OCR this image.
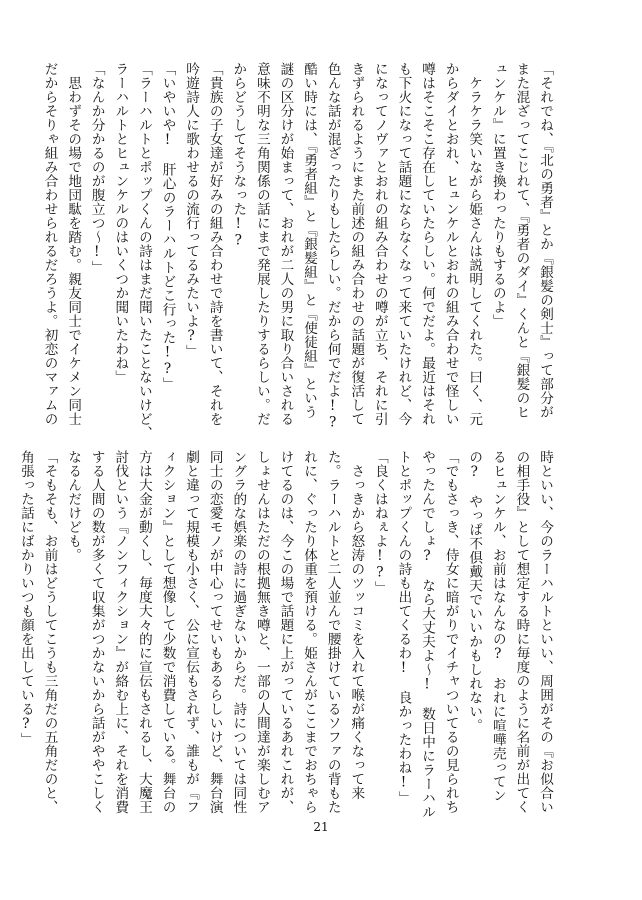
「それでね、『北の勇者』とか『銀髪の剣士』って部分が
また混ざってこじれて、『勇者のダイ』くんと『銀髪のヒ
ュンケル』に置き換わったりもするのよ」
　ケラケラ笑いながら姫さんは説明してくれた。曰く、元
からダイとおれ、ヒュンケルとおれの組み合わせで怪しい
噂はそこそこ存在していたらしい。何でだよ。最近はそれ
も下火になって話題にならなくなって来ていたけれど、今
になってノヴァとおれの組み合わせの噂が立ち、それに引
きずられるようにまた前述の組み合わせの話題が復活して
色んな話が混ざったりもしたらしい。だから何でだよ!?
酷い時には、『勇者組』と『銀髪組』と『使徒組』という
謎の区分けが始まって、おれが二人の男に取り合いされる
意味不明な三角関係の話にまで発展したりするらしい。だ
からどうしてそうなった!?
「貴族の子女達が好みの組み合わせで詩を書いて、それを
吟遊詩人に歌わせるの流行ってるみたいよ?」
「いやいや!　肝心のラーハルトどこ行った!?」
「ラーハルトとポップくんの詩はまだ聞いたことないけど、
ラーハルトとヒュンケルのはいくつか聞いたわね」
「なんか分かるのが腹立つ～!」
　思わずその場で地団駄を踏む。親友同士でイケメン同士
だからそりゃ組み合わせられるだろうよ。初恋のマァムの
時といい、今のラーハルトといい、周囲がその『お似合い
の相手役』として想定する時に毎度のように名前が出てく
るヒュンケル、お前はなんなの?　おれに喧嘩売ってン
の?　やっぱ不倶戴天でいいかもしれない。
「でもさっき、侍女に暗がりでイチャついてるの見られち
やったんでしょ?　なら大丈夫よ～!　数日中にラーハル
トとポップくんの詩も出てくるわ!　良かったわね!」
「良くはねぇよ!?」
　さっきから怒涛のツッコミを入れて喉が痛くなって来
た。ラーハルトと二人並んで腰掛けているソファの背もた
れに、ぐったり体重を預ける。姫さんがここまでおちゃら
けてるのは、今この場で話題に上がっているあれこれが、
しょせんはただの根拠無き噂と、一部の人間達が楽しむア
ングラ的な娯楽の詩に過ぎないからだ。詩については同性
同士の恋愛モノが中心ってせいもあるらしいけど、舞台演
劇と違って規模も小さく、公に宣伝もされず、誰もが『フ
ィクション』として想像して少数で消費している。舞台の
方は大金が動くし、毎度大々的に宣伝もされるし、大魔王
討伐という『ノンフィクション』が絡む上に、それを消費
する人間の数が多くて収集がつかないから話がややこしく
なるんだけども。
「そもそも、お前はどうしてこうも三角だの五角だのと、
角張った話にばかりいつも顔を出している?」
21
